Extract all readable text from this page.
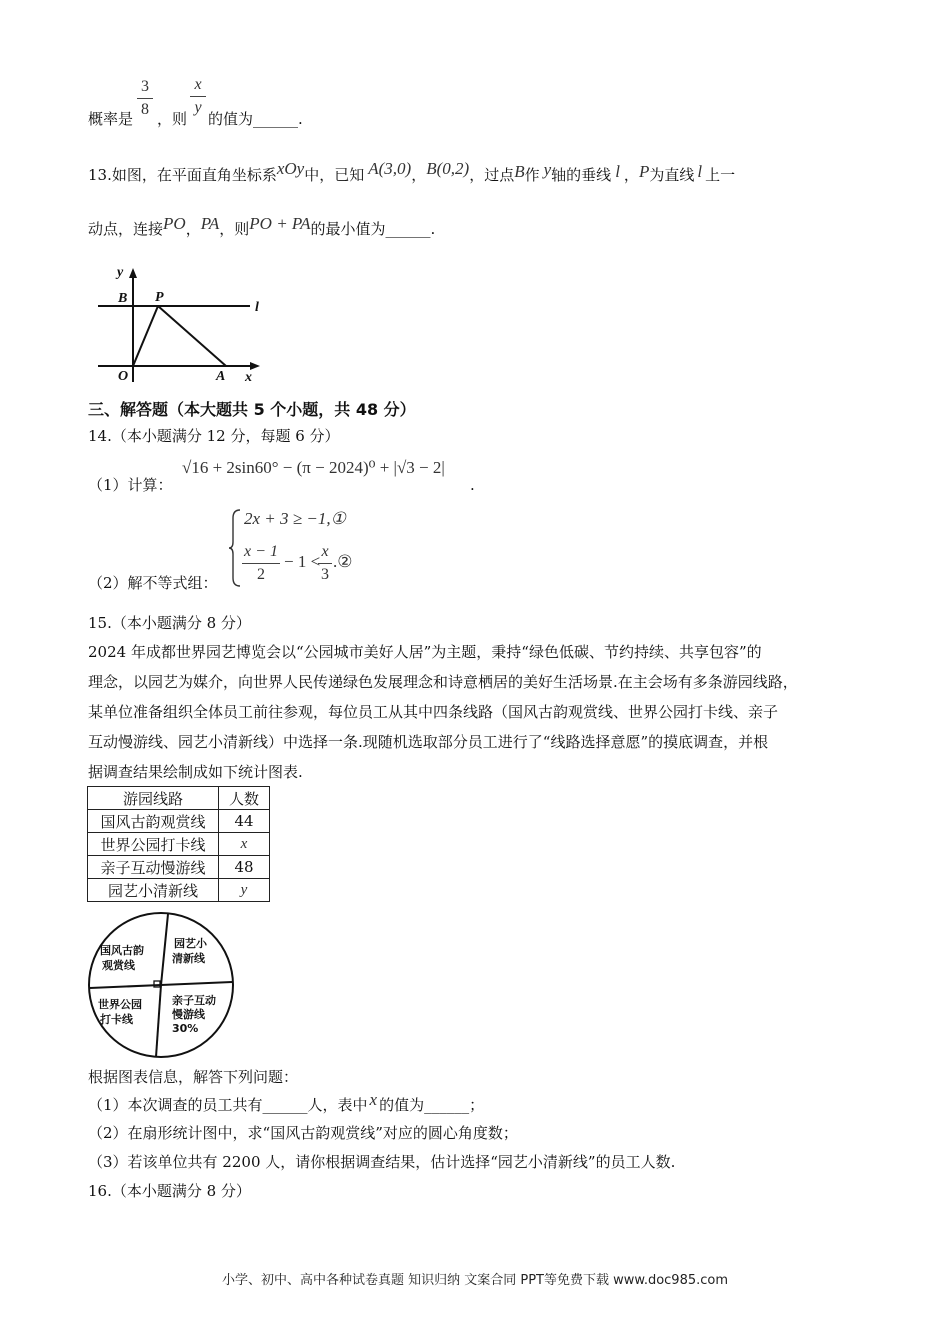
3
8
x
y
概率是 ，则 的值为______.
13.如图，在平面直角坐标系xOy中，已知 A(3,0)，B(0,2)，过点B作 y轴的垂线 l ，P为直线 l 上一
动点，连接PO，PA，则PO + PA的最小值为______.
y
B P
l
O	A x
三、解答题（本大题共 5 个小题，共 48 分）
14.（本小题满分 12 分，每题 6 分）
（1）计算：
√16 + 2sin60° − (π − 2024)⁰ + |√3 − 2|
.
（2）解不等式组：
2x + 3 ≥ −1,①
x − 1
2
− 1 <
x
3
.②
15.（本小题满分 8 分）
2024 年成都世界园艺博览会以“公园城市美好人居”为主题，秉持“绿色低碳、节约持续、共享包容”的
理念，以园艺为媒介，向世界人民传递绿色发展理念和诗意栖居的美好生活场景.在主会场有多条游园线路，
某单位准备组织全体员工前往参观，每位员工从其中四条线路（国风古韵观赏线、世界公园打卡线、亲子
互动慢游线、园艺小清新线）中选择一条.现随机选取部分员工进行了“线路选择意愿”的摸底调查，并根
据调查结果绘制成如下统计图表.
游园线路	人数
国风古韵观赏线	44
世界公园打卡线	x
亲子互动慢游线	48
园艺小清新线	y
国风古韵
观赏线
园艺小
清新线
亲子互动
慢游线
30%
世界公园
打卡线
根据图表信息，解答下列问题：
（1）本次调查的员工共有______人，表中 x 的值为______；
（2）在扇形统计图中，求“国风古韵观赏线”对应的圆心角度数；
（3）若该单位共有 2200 人，请你根据调查结果，估计选择“园艺小清新线”的员工人数.
16.（本小题满分 8 分）
小学、初中、高中各种试卷真题 知识归纳 文案合同 PPT等免费下载 www.doc985.com
